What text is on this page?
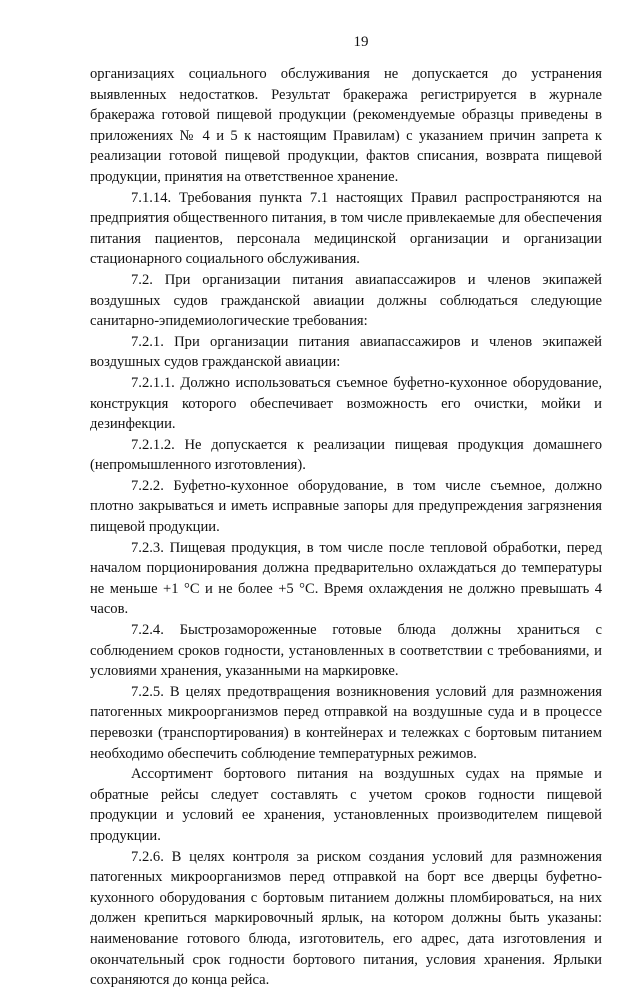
19

организациях социального обслуживания не допускается до устранения выявленных недостатков. Результат бракеража регистрируется в журнале бракеража готовой пищевой продукции (рекомендуемые образцы приведены в приложениях № 4 и 5 к настоящим Правилам) с указанием причин запрета к реализации готовой пищевой продукции, фактов списания, возврата пищевой продукции, принятия на ответственное хранение.

7.1.14. Требования пункта 7.1 настоящих Правил распространяются на предприятия общественного питания, в том числе привлекаемые для обеспечения питания пациентов, персонала медицинской организации и организации стационарного социального обслуживания.

7.2. При организации питания авиапассажиров и членов экипажей воздушных судов гражданской авиации должны соблюдаться следующие санитарно-эпидемиологические требования:

7.2.1. При организации питания авиапассажиров и членов экипажей воздушных судов гражданской авиации:

7.2.1.1. Должно использоваться съемное буфетно-кухонное оборудование, конструкция которого обеспечивает возможность его очистки, мойки и дезинфекции.

7.2.1.2. Не допускается к реализации пищевая продукция домашнего (непромышленного изготовления).

7.2.2. Буфетно-кухонное оборудование, в том числе съемное, должно плотно закрываться и иметь исправные запоры для предупреждения загрязнения пищевой продукции.

7.2.3. Пищевая продукция, в том числе после тепловой обработки, перед началом порционирования должна предварительно охлаждаться до температуры не меньше +1 °С и не более +5 °С. Время охлаждения не должно превышать 4 часов.

7.2.4. Быстрозамороженные готовые блюда должны храниться с соблюдением сроков годности, установленных в соответствии с требованиями, и условиями хранения, указанными на маркировке.

7.2.5. В целях предотвращения возникновения условий для размножения патогенных микроорганизмов перед отправкой на воздушные суда и в процессе перевозки (транспортирования) в контейнерах и тележках с бортовым питанием необходимо обеспечить соблюдение температурных режимов.

Ассортимент бортового питания на воздушных судах на прямые и обратные рейсы следует составлять с учетом сроков годности пищевой продукции и условий ее хранения, установленных производителем пищевой продукции.

7.2.6. В целях контроля за риском создания условий для размножения патогенных микроорганизмов перед отправкой на борт все дверцы буфетно-кухонного оборудования с бортовым питанием должны пломбироваться, на них должен крепиться маркировочный ярлык, на котором должны быть указаны: наименование готового блюда, изготовитель, его адрес, дата изготовления и окончательный срок годности бортового питания, условия хранения. Ярлыки сохраняются до конца рейса.
